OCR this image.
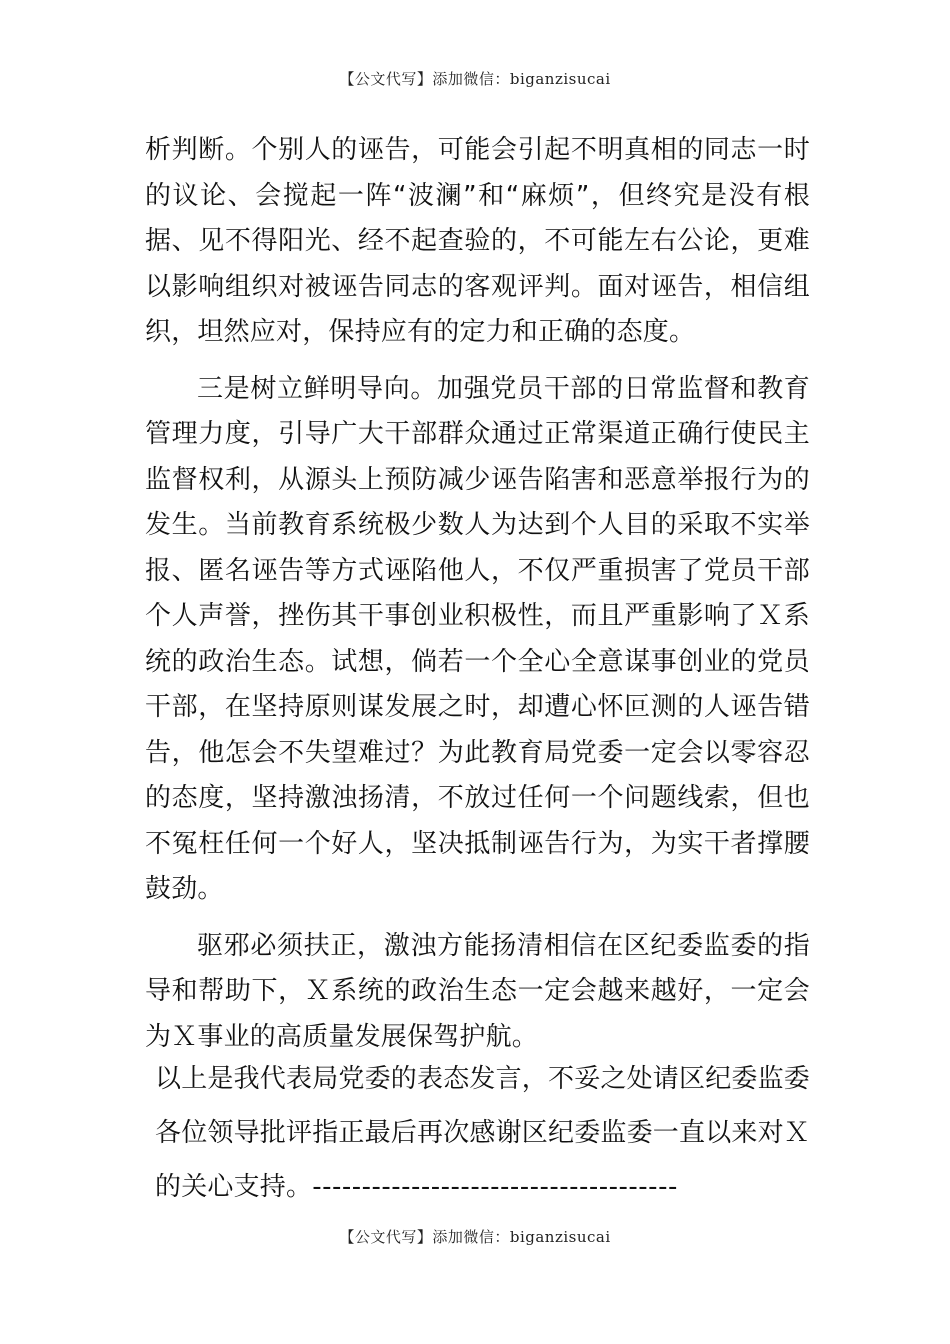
【公文代写】添加微信：biganzisucai

析判断。个别人的诬告，可能会引起不明真相的同志一时的议论、会搅起一阵“波澜”和“麻烦”，但终究是没有根据、见不得阳光、经不起查验的，不可能左右公论，更难以影响组织对被诬告同志的客观评判。面对诬告，相信组织，坦然应对，保持应有的定力和正确的态度。

三是树立鲜明导向。加强党员干部的日常监督和教育管理力度，引导广大干部群众通过正常渠道正确行使民主监督权利，从源头上预防减少诬告陷害和恶意举报行为的发生。当前教育系统极少数人为达到个人目的采取不实举报、匿名诬告等方式诬陷他人，不仅严重损害了党员干部个人声誉，挫伤其干事创业积极性，而且严重影响了Ｘ系统的政治生态。试想，倘若一个全心全意谋事创业的党员干部，在坚持原则谋发展之时，却遭心怀叵测的人诬告错告，他怎会不失望难过？为此教育局党委一定会以零容忍的态度，坚持激浊扬清，不放过任何一个问题线索，但也不冤枉任何一个好人，坚决抵制诬告行为，为实干者撑腰鼓劲。

驱邪必须扶正，激浊方能扬清相信在区纪委监委的指导和帮助下，Ｘ系统的政治生态一定会越来越好，一定会为Ｘ事业的高质量发展保驾护航。

以上是我代表局党委的表态发言，不妥之处请区纪委监委各位领导批评指正最后再次感谢区纪委监委一直以来对Ｘ的关心支持。-------------------------------------
【公文代写】添加微信：biganzisucai
